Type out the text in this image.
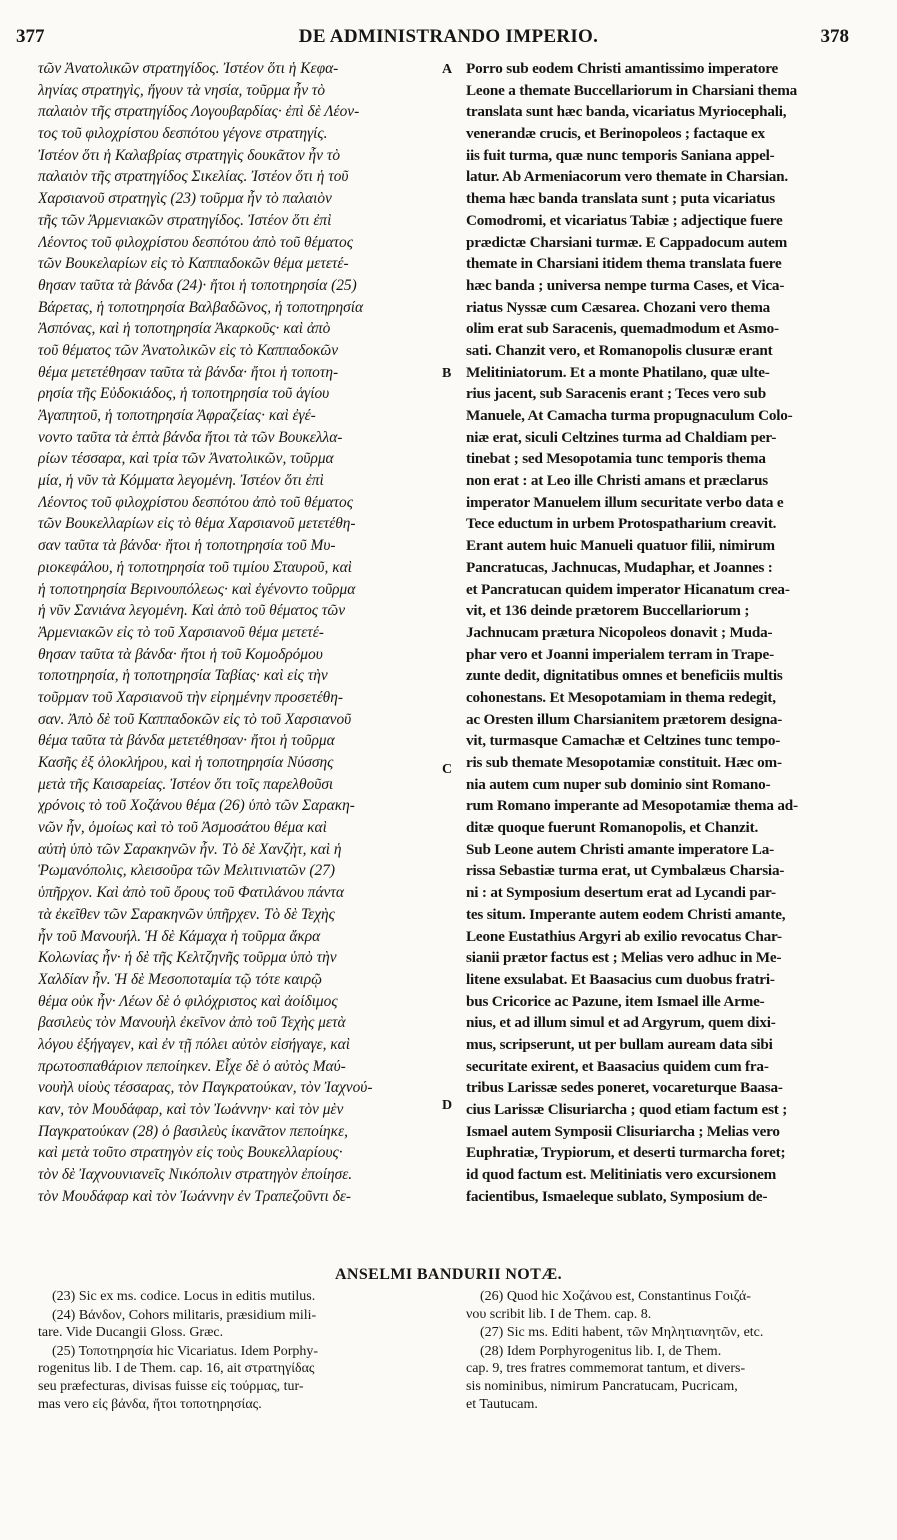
377	DE ADMINISTRANDO IMPERIO.	378
τῶν Ἀνατολικῶν στρατηγίδος. Ἰστέον ὅτι ἡ Κεφα-
ληνίας στρατηγὶς, ἤγουν τὰ νησία, τοῦρμα ἦν τὸ
παλαιὸν τῆς στρατηγίδος Λογουβαρδίας· ἐπὶ δὲ Λέον-
τος τοῦ φιλοχρίστου δεσπότου γέγονε στρατηγίς.
Ἰστέον ὅτι ἡ Καλαβρίας στρατηγὶς δουκᾶτον ἦν τὸ
παλαιὸν τῆς στρατηγίδος Σικελίας. Ἰστέον ὅτι ἡ τοῦ
Χαρσιανοῦ στρατηγὶς (23) τοῦρμα ἦν τὸ παλαιὸν
τῆς τῶν Ἀρμενιακῶν στρατηγίδος. Ἰστέον ὅτι ἐπὶ
Λέοντος τοῦ φιλοχρίστου δεσπότου ἀπὸ τοῦ θέματος
τῶν Βουκελαρίων εἰς τὸ Καππαδοκῶν θέμα μετετέ-
θησαν ταῦτα τὰ βάνδα (24)· ἤτοι ἡ τοποτηρησία (25)
Βάρετας, ἡ τοποτηρησία Βαλβαδῶνος, ἡ τοποτηρησία
Ἀσπόνας, καὶ ἡ τοποτηρησία Ἀκαρκοῦς· καὶ ἀπὸ
τοῦ θέματος τῶν Ἀνατολικῶν εἰς τὸ Καππαδοκῶν
θέμα μετετέθησαν ταῦτα τὰ βάνδα· ἤτοι ἡ τοποτη-
ρησία τῆς Εὐδοκιάδος, ἡ τοποτηρησία τοῦ ἁγίου
Ἀγαπητοῦ, ἡ τοποτηρησία Ἀφραζείας· καὶ ἐγέ-
νοντο ταῦτα τὰ ἑπτὰ βάνδα ἤτοι τὰ τῶν Βουκελλα-
ρίων τέσσαρα, καὶ τρία τῶν Ἀνατολικῶν, τοῦρμα
μία, ἡ νῦν τὰ Κόμματα λεγομένη. Ἰστέον ὅτι ἐπὶ
Λέοντος τοῦ φιλοχρίστου δεσπότου ἀπὸ τοῦ θέματος
τῶν Βουκελλαρίων εἰς τὸ θέμα Χαρσιανοῦ μετετέθη-
σαν ταῦτα τὰ βάνδα· ἤτοι ἡ τοποτηρησία τοῦ Μυ-
ριοκεφάλου, ἡ τοποτηρησία τοῦ τιμίου Σταυροῦ, καὶ
ἡ τοποτηρησία Βερινουπόλεως· καὶ ἐγένοντο τοῦρμα
ἡ νῦν Σανιάνα λεγομένη. Καὶ ἀπὸ τοῦ θέματος τῶν
Ἀρμενιακῶν εἰς τὸ τοῦ Χαρσιανοῦ θέμα μετετέ-
θησαν ταῦτα τὰ βάνδα· ἤτοι ἡ τοῦ Κομοδρόμου
τοποτηρησία, ἡ τοποτηρησία Ταβίας· καὶ εἰς τὴν
τοῦρμαν τοῦ Χαρσιανοῦ τὴν εἰρημένην προσετέθη-
σαν. Ἀπὸ δὲ τοῦ Καππαδοκῶν εἰς τὸ τοῦ Χαρσιανοῦ
θέμα ταῦτα τὰ βάνδα μετετέθησαν· ἤτοι ἡ τοῦρμα
Κασῆς ἐξ ὁλοκλήρου, καὶ ἡ τοποτηρησία Νύσσης
μετὰ τῆς Καισαρείας. Ἰστέον ὅτι τοῖς παρελθοῦσι
χρόνοις τὸ τοῦ Χοζάνου θέμα (26) ὑπὸ τῶν Σαρακη-
νῶν ἦν, ὁμοίως καὶ τὸ τοῦ Ἀσμοσάτου θέμα καὶ
αὐτὴ ὑπὸ τῶν Σαρακηνῶν ἦν. Τὸ δὲ Χανζὴτ, καὶ ἡ
Ῥωμανόπολις, κλεισοῦρα τῶν Μελιτινιατῶν (27)
ὑπῆρχον. Καὶ ἀπὸ τοῦ ὄρους τοῦ Φατιλάνου πάντα
τὰ ἐκεῖθεν τῶν Σαρακηνῶν ὑπῆρχεν. Τὸ δὲ Τεχὴς
ἦν τοῦ Μανουήλ. Ἡ δὲ Κάμαχα ἡ τοῦρμα ἄκρα
Κολωνίας ἦν· ἡ δὲ τῆς Κελτζηνῆς τοῦρμα ὑπὸ τὴν
Χαλδίαν ἦν. Ἡ δὲ Μεσοποταμία τῷ τότε καιρῷ
θέμα οὐκ ἦν· Λέων δὲ ὁ φιλόχριστος καὶ ἀοίδιμος
βασιλεὺς τὸν Μανουὴλ ἐκεῖνον ἀπὸ τοῦ Τεχὴς μετὰ
λόγου ἐξήγαγεν, καὶ ἐν τῇ πόλει αὐτὸν εἰσήγαγε, καὶ
πρωτοσπαθάριον πεποίηκεν. Εἶχε δὲ ὁ αὐτὸς Μαύ-
νουὴλ υἱοὺς τέσσαρας, τὸν Παγκρατούκαν, τὸν Ἰαχνού-
καν, τὸν Μουδάφαρ, καὶ τὸν Ἰωάννην· καὶ τὸν μὲν
Παγκρατούκαν (28) ὁ βασιλεὺς ἱκανᾶτον πεποίηκε,
καὶ μετὰ τοῦτο στρατηγὸν εἰς τοὺς Βουκελλαρίους·
τὸν δὲ Ἰαχνουνιανεῖς Νικόπολιν στρατηγὸν ἐποίησε.
τὸν Μουδάφαρ καὶ τὸν Ἰωάννην ἐν Τραπεζοῦντι δε-
Porro sub eodem Christi amantissimo imperatore
Leone a themate Buccellariorum in Charsiani thema
translata sunt hæc banda, vicariatus Myriocephali,
venerandæ crucis, et Berinopoleos ; factaque ex
iis fuit turma, quæ nunc temporis Saniana appel-
latur. Ab Armeniacorum vero themate in Charsian.
thema hæc banda translata sunt ; puta vicariatus
Comodromi, et vicariatus Tabiæ ; adjectique fuere
prædictæ Charsiani turmæ. E Cappadocum autem
themate in Charsiani itidem thema translata fuere
hæc banda ; universa nempe turma Cases, et Vica-
riatus Nyssæ cum Cæsarea. Chozani vero thema
olim erat sub Saracenis, quemadmodum et Asmo-
sati. Chanzit vero, et Romanopolis clusuræ erant
Melitiniatorum. Et a monte Phatilano, quæ ulte-
rius jacent, sub Saracenis erant ; Teces vero sub
Manuele, At Camacha turma propugnaculum Colo-
niæ erat, siculi Celtzines turma ad Chaldiam per-
tinebat ; sed Mesopotamia tunc temporis thema
non erat : at Leo ille Christi amans et præclarus
imperator Manuelem illum securitate verbo data e
Tece eductum in urbem Protospatharium creavit.
Erant autem huic Manueli quatuor filii, nimirum
Pancratucas, Jachnucas, Mudaphar, et Joannes :
et Pancratucan quidem imperator Hicanatum crea-
vit, et 136 deinde prætorem Buccellariorum ;
Jachnucam prætura Nicopoleos donavit ; Muda-
phar vero et Joanni imperialem terram in Trape-
zunte dedit, dignitatibus omnes et beneficiis multis
cohonestans. Et Mesopotamiam in thema redegit,
ac Oresten illum Charsianitem prætorem designa-
vit, turmasque Camachæ et Celtzines tunc tempo-
ris sub themate Mesopotamiæ constituit. Hæc om-
nia autem cum nuper sub dominio sint Romano-
rum Romano imperante ad Mesopotamiæ thema ad-
ditæ quoque fuerunt Romanopolis, et Chanzit.
Sub Leone autem Christi amante imperatore La-
rissa Sebastiæ turma erat, ut Cymbalæus Charsia-
ni : at Symposium desertum erat ad Lycandi par-
tes situm. Imperante autem eodem Christi amante,
Leone Eustathius Argyri ab exilio revocatus Char-
sianii prætor factus est ; Melias vero adhuc in Me-
litene exsulabat. Et Baasacius cum duobus fratri-
bus Cricorice ac Pazune, item Ismael ille Arme-
nius, et ad illum simul et ad Argyrum, quem dixi-
mus, scripserunt, ut per bullam auream data sibi
securitate exirent, et Baasacius quidem cum fra-
tribus Larissæ sedes poneret, vocareturque Baasa-
cius Larissæ Clisuriarcha ; quod etiam factum est ;
Ismael autem Symposii Clisuriarcha ; Melias vero
Euphratiæ, Trypiorum, et deserti turmarcha foret;
id quod factum est. Melitiniatis vero excursionem
facientibus, Ismaeleque sublato, Symposium de-
A
B
C
D
ANSELMI BANDURII NOTÆ.
(23) Sic ex ms. codice. Locus in editis mutilus.
(24) Βάνδον, Cohors militaris, præsidium mili-
tare. Vide Ducangii Gloss. Græc.
(25) Τοποτηρησία hic Vicariatus. Idem Porphy-
rogenitus lib. I de Them. cap. 16, ait στρατηγίδας
seu præfecturas, divisas fuisse εἰς τούρμας, tur-
mas vero εἰς βάνδα, ἤτοι τοποτηρησίας.
(26) Quod hic Χοζάνου est, Constantinus Γοιζά-
νου scribit lib. I de Them. cap. 8.
(27) Sic ms. Editi habent, τῶν Μηλητιανητῶν, etc.
(28) Idem Porphyrogenitus lib. I, de Them.
cap. 9, tres fratres commemorat tantum, et divers-
sis nominibus, nimirum Pancratucam, Pucricam,
et Tautucam.
